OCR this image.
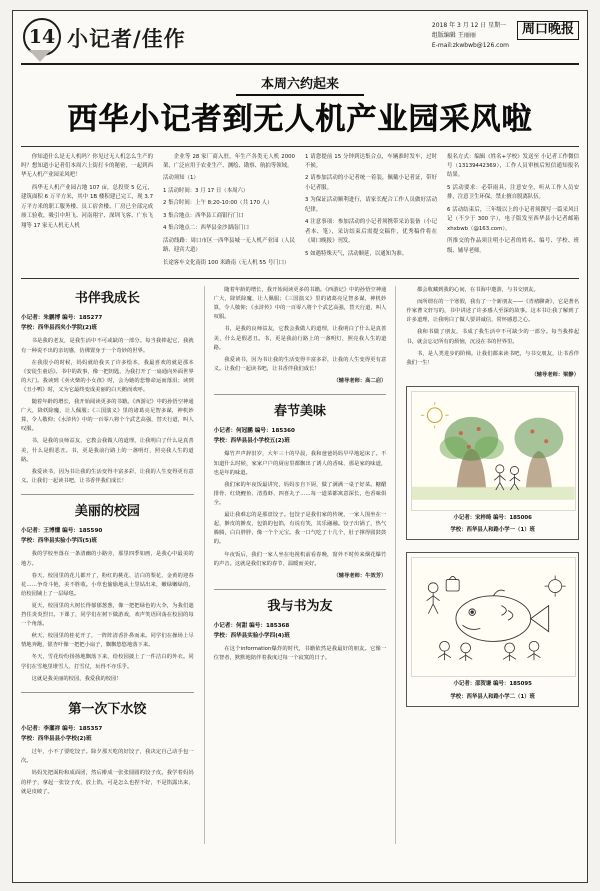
14 小记者/佳作
2018 年 3 月 12 日 星期一
组版编辑 王丽丽
E-mail:zkwbwb@126.com
周口晚报
本周六约起来
西华小记者到无人机产业园采风啦

你知道什么是无人机吗？你见过无人机怎么生产的吗？想知道小记者们本周六上街打卡的秘密，一起到西华无人机产业园采风吧！

西华无人机产业园占地 107 亩，总投资 5 亿元，建筑面积 6 万平方米，其中 1B 楼积建已完工，现 3.7 万平方米的职工服务楼、员工宿舍楼、厂房已全部完成竣工验收，吸引中坦飞、河南翔宇、深圳飞客、广东飞翔等 17 家无人机无人机

企业等 28 家厂商入驻，年生产各类无人机 2000 架，广泛应用于农业生产、测绘、勘察、航拍等领域。

活动须知（1）

1 活动时间：3 月 17 日（本周六）

2 集合时间：上午 8:20-10:00（共 170 人）

3 集合地点：西华县工商银行门口

4 集合地点二：西华县金沙湖南门口

活动线路：周口市区一西华县城一无人机产业园（人民路、迎宾大道）

长途客车文化南街 100 米路南（无人机 55 号门口）

1 请您提前 15 分钟到达集合点，车辆准时发车，过时不候。

2 请参加活动的小记者统一着装，佩戴小记者证，带好小记者服。

3 为保证活动顺利进行，请家长配合工作人员做好活动纪律。

4 注意事项：参加活动的小记者须携带采访装备（小记者本、笔），采访结束后需提交稿件，优秀稿件将在《周口晚报》刊发。

5 如遇特殊天气，活动顺延，以通知为准。

报名方式：编辑《姓名+学校》发送至 小记者工作微信号（13139442369），工作人员审核后短信通知报名结果。

5 活动要求：必带雨具，注意安全，听从工作人员安排，注意卫生环保，禁止擅自脱离队伍。

6 活动结束后，三年级以上的小记者须撰写一篇采风日记（不少于 300 字），电子版发至西华县小记者邮箱 xhxbwb（@163.com）。

所推交的作品须注明小记者的姓名、编号、学校、班级、辅导老师。

书伴我成长
小记者：朱鹏博 编号：185277
学校：西华县西夹小学院(2)班

书是我的老友，是我生活中不可或缺的一部分。每当我捧起它，我就有一种说不出的亲切感，仿佛置身于一个奇妙的世界。

在我很小的时候，妈妈就给我买了许多绘本，我最喜欢的就是那本《安徒生童话》。书中的故事，像一把钥匙，为我打开了一扇通向外面世界的大门。我读到《卖火柴的小女孩》时，会为她的悲惨命运而落泪；读到《丑小鸭》时，又为它最终变成美丽的白天鹅而欢呼。

随着年龄的增长，我开始阅读更多的书籍。《西游记》中的孙悟空神通广大，降妖除魔，让人佩服；《三国演义》里的诸葛亮足智多谋，神机妙算，令人敬仰；《水浒传》中的一百零八将个个武艺高强，替天行道，叫人叹服。

书，是我的良师益友，它教会我做人的道理，让我明白了什么是真善美，什么是假恶丑。书，更是我前行路上的一盏明灯，照亮我人生的道路。

我爱读书，因为书让我的生活变得丰富多彩，让我的人生变得更有意义。让我们一起读书吧，让书香伴我们成长！

美丽的校园
小记者：王博懂 编号：185590
学校：西华县实验小学四(5)班

我的学校坐落在一条清幽的小路旁，那里四季如画，是我心中最美的地方。

春天，校园里的花儿都开了，粉红的桃花、洁白的梨花、金黄的迎春花……争奇斗艳，美不胜收。小草也偷偷地从土里钻出来，嫩绿嫩绿的，给校园铺上了一层绿毯。

夏天，校园里的大树长得郁郁葱葱，像一把把绿色的大伞，为我们遮挡住炎炎烈日。下课了，同学们在树下做游戏，欢声笑语回荡在校园的每一个角落。

秋天，校园里的桂花开了，一阵阵清香扑鼻而来。同学们在操场上尽情地奔跑，银杏叶像一把把小扇子，飘飘悠悠地落下来。

冬天，雪花纷纷扬扬地飘落下来，给校园披上了一件洁白的外衣。同学们在雪地里堆雪人、打雪仗，玩得不亦乐乎。

这就是我美丽的校园，我爱我的校园！

第一次下水饺
小记者：李灌祥 编号：185357
学校：西华县县小学校(2)班

过年，小不了要吃饺子。除夕那天吃的好饺子，我决定自己动手包一次。

妈妈先把面粉和成面团，然后擀成一张张圆圆的饺子皮。我学着妈妈的样子，拿起一张饺子皮，放上馅，可是怎么也捏不好，不是馅露出来，就是皮破了。

随着年龄的增长，我开始阅读更多的书籍。《西游记》中的孙悟空神通广大，降妖除魔，让人佩服；《三国演义》里的诸葛亮足智多谋，神机妙算，令人敬仰；《水浒传》中的一百零八将个个武艺高强，替天行道，叫人叹服。

书，是我的良师益友，它教会我做人的道理，让我明白了什么是真善美，什么是假恶丑。书，更是我前行路上的一盏明灯，照亮我人生的道路。

我爱读书，因为书让我的生活变得丰富多彩，让我的人生变得更有意义。让我们一起读书吧，让书香伴我们成长！

（辅导老师：高二启）
春节美味
小记者：何冠鹏 编号：185360
学校：西华县县小学校五(2)班

爆竹声声辞旧岁，大年三十的早晨，我和爸爸妈妈早早地起床了。不知道什么时候，家家户户的厨房里都飘出了诱人的香味，那是家的味道，也是年的味道。

我们家的年夜饭最讲究，妈妈亲自下厨，做了满满一桌子好菜。糖醋排骨、红烧鲤鱼、清蒸虾、四喜丸子……每一道菜都寓意深长，色香味俱全。

最让我难忘的是那盘饺子。包饺子是我们家的传统，一家人围坐在一起，擀皮的擀皮，包馅的包馅，有说有笑，其乐融融。饺子出锅了，热气腾腾，白白胖胖，像一个个元宝。我一口气吃了十几个，肚子撑得圆鼓鼓的。

年夜饭后，我们一家人坐在电视机前看春晚，窗外不时传来烟花爆竹的声音。这就是我们家的春节，温暖而美好。

（辅导老师：牛效芳）
我与书为友
小记者：何甜 编号：185368
学校：西华县实验小学四(4)班

在这个information爆炸的时代，书籍依然是我最好的朋友。它像一位智者，默默地陪伴着我度过每一个寂寞的日子。

都会收藏到我的心间，在书海中遨游，与书交朋友。

而所谓在的一个寒假，我有了一个新朋友——《青褚聊斋》，它是著名作家曹文轩写的，书中讲述了许多感人至深的故事。这本书让我了解到了许多道理，让我明白了做人要讲诚信，常怀感恩之心。

我和书做了朋友，书成了我生活中不可缺少的一部分。每当我捧起书，就会忘记所有的烦恼，沉浸在书的世界里。

书，是人类进步的阶梯。让我们都来读书吧，与书交朋友，让书香伴我们一生！

（辅导老师：梁静）
小记者：宋梓绮 编号：185006
学校：西华县人和路小学一（1）班
小记者：邵贺谦 编号：185095
学校：西华县人和路小学二（1）班
